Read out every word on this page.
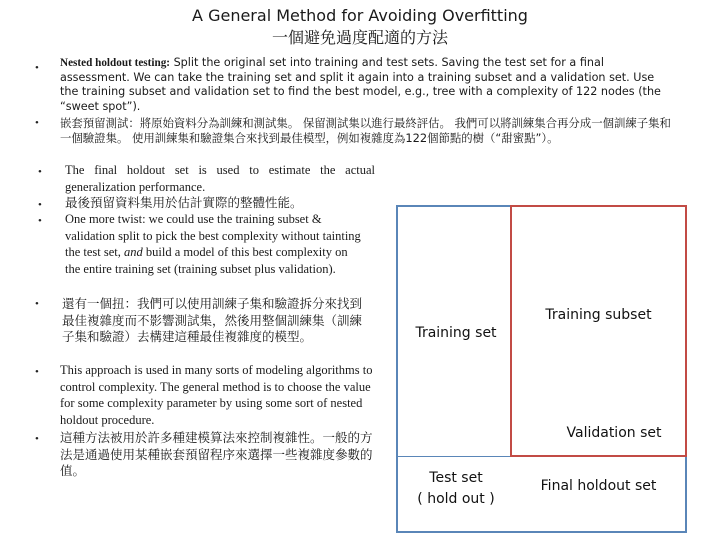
A General Method for Avoiding Overfitting
一個避免過度配適的方法
•
•
•
•
•
•
•
•
Nested holdout testing: Split the original set into training and test sets. Saving the test set for a final assessment. We can take the training set and split it again into a training subset and a validation set. Use the training subset and validation set to find the best model, e.g., tree with a complexity of 122 nodes (the “sweet spot”).
嵌套預留測試：將原始資料分為訓練和測試集。 保留測試集以進行最終評估。 我們可以將訓練集合再分成一個訓練子集和一個驗證集。 使用訓練集和驗證集合來找到最佳模型，例如複雜度為122個節點的樹（“甜蜜點”）。
The final holdout set is used to estimate the actual generalization performance.
最後預留資料集用於估計實際的整體性能。
One more twist: we could use the training subset & validation split to pick the best complexity without tainting the test set, and build a model of this best complexity on the entire training set (training subset plus validation).
還有一個扭：我們可以使用訓練子集和驗證拆分來找到最佳複雜度而不影響測試集，然後用整個訓練集（訓練子集和驗證）去構建這種最佳複雜度的模型。
This approach is used in many sorts of modeling algorithms to control complexity. The general method is to choose the value for some complexity parameter by using some sort of nested holdout procedure.
這種方法被用於許多種建模算法來控制複雜性。一般的方法是通過使用某種嵌套預留程序來選擇一些複雜度參數的值。
Training set
Training subset
Validation set
Test set
( hold out )
Final holdout set
